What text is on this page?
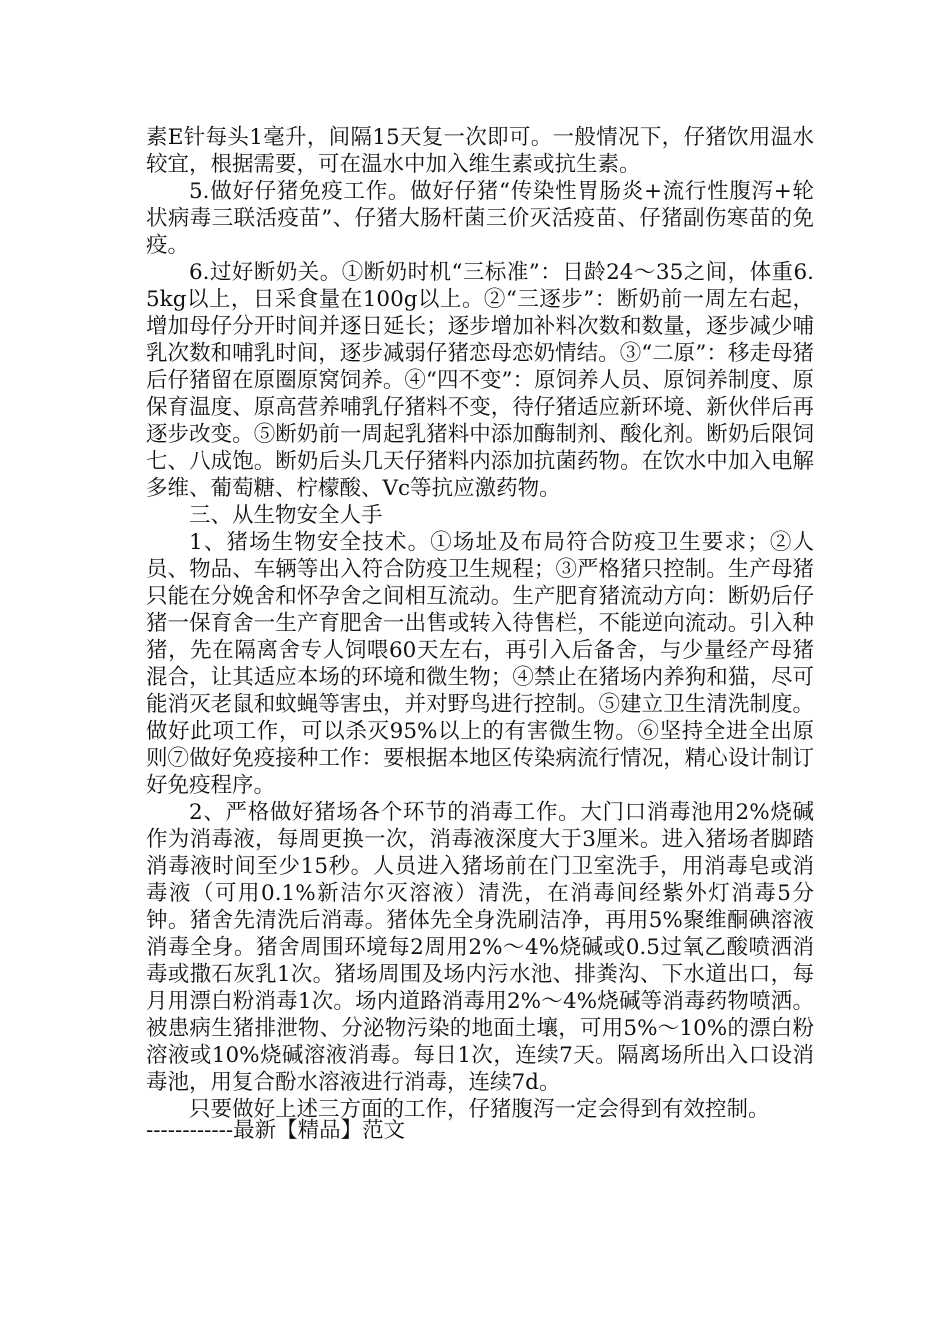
素E针每头1毫升，间隔15天复一次即可。一般情况下，仔猪饮用温水较宜，根据需要，可在温水中加入维生素或抗生素。

5.做好仔猪免疫工作。做好仔猪“传染性胃肠炎+流行性腹泻+轮状病毒三联活疫苗”、仔猪大肠杆菌三价灭活疫苗、仔猪副伤寒苗的免疫。

6.过好断奶关。①断奶时机“三标准”：日龄24～35之间，体重6.5kg以上，日采食量在100g以上。②“三逐步”：断奶前一周左右起，增加母仔分开时间并逐日延长；逐步增加补料次数和数量，逐步减少哺乳次数和哺乳时间，逐步减弱仔猪恋母恋奶情结。③“二原”：移走母猪后仔猪留在原圈原窝饲养。④“四不变”：原饲养人员、原饲养制度、原保育温度、原高营养哺乳仔猪料不变，待仔猪适应新环境、新伙伴后再逐步改变。⑤断奶前一周起乳猪料中添加酶制剂、酸化剂。断奶后限饲七、八成饱。断奶后头几天仔猪料内添加抗菌药物。在饮水中加入电解多维、葡萄糖、柠檬酸、Vc等抗应激药物。

三、从生物安全人手

1、猪场生物安全技术。①场址及布局符合防疫卫生要求；②人员、物品、车辆等出入符合防疫卫生规程；③严格猪只控制。生产母猪只能在分娩舍和怀孕舍之间相互流动。生产肥育猪流动方向：断奶后仔猪一保育舍一生产育肥舍一出售或转入待售栏，不能逆向流动。引入种猪，先在隔离舍专人饲喂60天左右，再引入后备舍，与少量经产母猪混合，让其适应本场的环境和微生物；④禁止在猪场内养狗和猫，尽可能消灭老鼠和蚊蝇等害虫，并对野鸟进行控制。⑤建立卫生清洗制度。做好此项工作，可以杀灭95%以上的有害微生物。⑥坚持全进全出原则⑦做好免疫接种工作：要根据本地区传染病流行情况，精心设计制订好免疫程序。

2、严格做好猪场各个环节的消毒工作。大门口消毒池用2%烧碱作为消毒液，每周更换一次，消毒液深度大于3厘米。进入猪场者脚踏消毒液时间至少15秒。人员进入猪场前在门卫室洗手，用消毒皂或消毒液（可用0.1%新洁尔灭溶液）清洗，在消毒间经紫外灯消毒5分钟。猪舍先清洗后消毒。猪体先全身洗刷洁净，再用5%聚维酮碘溶液消毒全身。猪舍周围环境每2周用2%～4%烧碱或0.5过氧乙酸喷洒消毒或撒石灰乳1次。猪场周围及场内污水池、排粪沟、下水道出口，每月用漂白粉消毒1次。场内道路消毒用2%～4%烧碱等消毒药物喷洒。被患病生猪排泄物、分泌物污染的地面土壤，可用5%～10%的漂白粉溶液或10%烧碱溶液消毒。每日1次，连续7天。隔离场所出入口设消毒池，用复合酚水溶液进行消毒，连续7d。

只要做好上述三方面的工作，仔猪腹泻一定会得到有效控制。

------------最新【精品】范文
